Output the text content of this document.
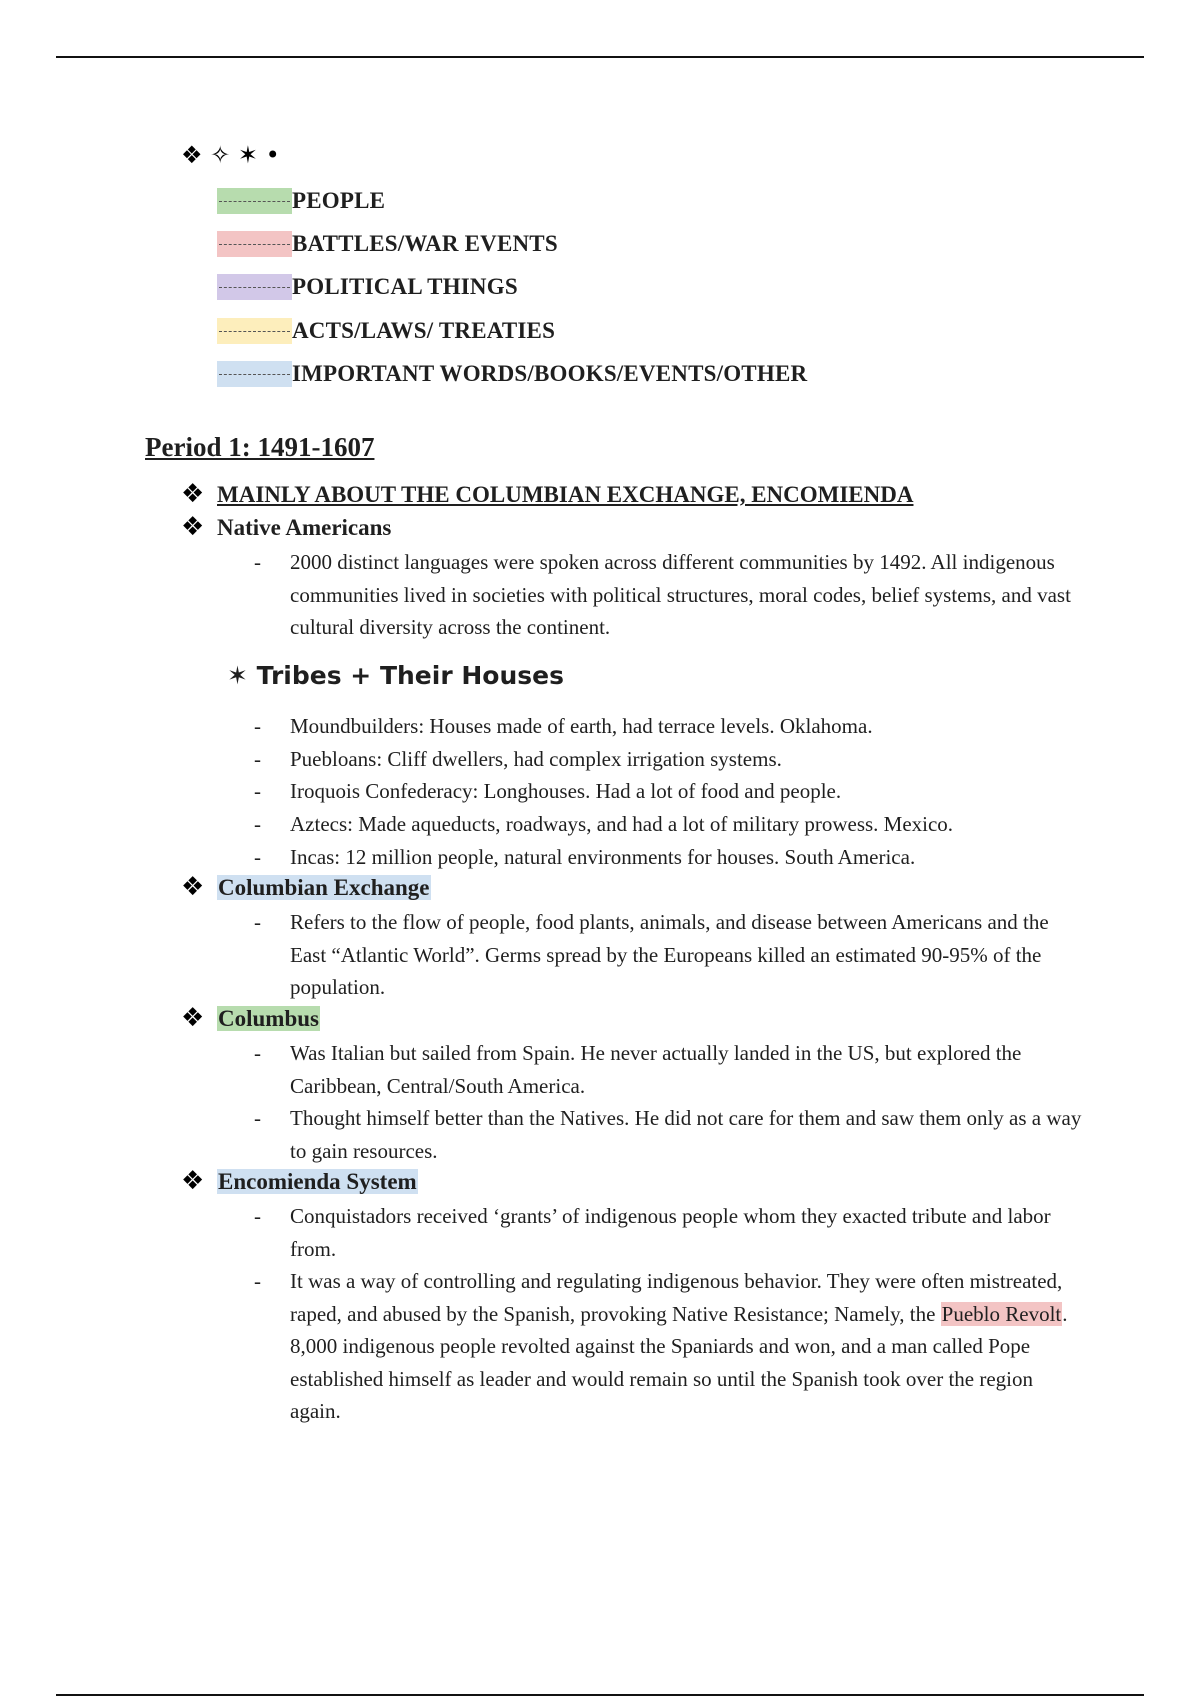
❖ ✧ ✶ •
PEOPLE
BATTLES/WAR EVENTS
POLITICAL THINGS
ACTS/LAWS/ TREATIES
IMPORTANT WORDS/BOOKS/EVENTS/OTHER
Period 1: 1491-1607
❖ MAINLY ABOUT THE COLUMBIAN EXCHANGE, ENCOMIENDA
❖ Native Americans
- 2000 distinct languages were spoken across different communities by 1492. All indigenous communities lived in societies with political structures, moral codes, belief systems, and vast cultural diversity across the continent.
✶ Tribes + Their Houses
- Moundbuilders: Houses made of earth, had terrace levels. Oklahoma.
- Puebloans: Cliff dwellers, had complex irrigation systems.
- Iroquois Confederacy: Longhouses. Had a lot of food and people.
- Aztecs: Made aqueducts, roadways, and had a lot of military prowess. Mexico.
- Incas: 12 million people, natural environments for houses. South America.
❖ Columbian Exchange
- Refers to the flow of people, food plants, animals, and disease between Americans and the East “Atlantic World”. Germs spread by the Europeans killed an estimated 90-95% of the population.
❖ Columbus
- Was Italian but sailed from Spain. He never actually landed in the US, but explored the Caribbean, Central/South America.
- Thought himself better than the Natives. He did not care for them and saw them only as a way to gain resources.
❖ Encomienda System
- Conquistadors received ‘grants’ of indigenous people whom they exacted tribute and labor from.
- It was a way of controlling and regulating indigenous behavior. They were often mistreated, raped, and abused by the Spanish, provoking Native Resistance; Namely, the Pueblo Revolt. 8,000 indigenous people revolted against the Spaniards and won, and a man called Pope established himself as leader and would remain so until the Spanish took over the region again.
